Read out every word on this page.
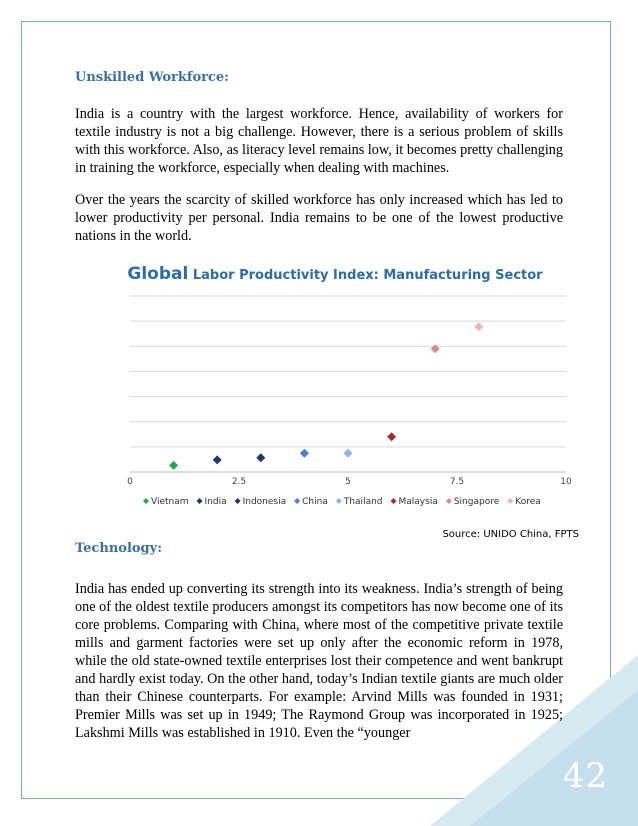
42
Unskilled Workforce:

India is a country with the largest workforce. Hence, availability of workers for textile industry is not a big challenge. However, there is a serious problem of skills with this workforce. Also, as literacy level remains low, it becomes pretty challenging in training the workforce, especially when dealing with machines.

Over the years the scarcity of skilled workforce has only increased which has led to lower productivity per personal. India remains to be one of the lowest productive nations in the world.

Global Labor Productivity Index: Manufacturing Sector
0	2.5	5	7.5	10
Vietnam India Indonesia China Thailand Malaysia Singapore Korea
Source: UNIDO China, FPTS
Technology:

India has ended up converting its strength into its weakness. India’s strength of being one of the oldest textile producers amongst its competitors has now become one of its core problems. Comparing with China, where most of the competitive private textile mills and garment factories were set up only after the economic reform in 1978, while the old state-owned textile enterprises lost their competence and went bankrupt and hardly exist today. On the other hand, today’s Indian textile giants are much older than their Chinese counterparts. For example: Arvind Mills was founded in 1931; Premier Mills was set up in 1949; The Raymond Group was incorporated in 1925; Lakshmi Mills was established in 1910. Even the “younger
